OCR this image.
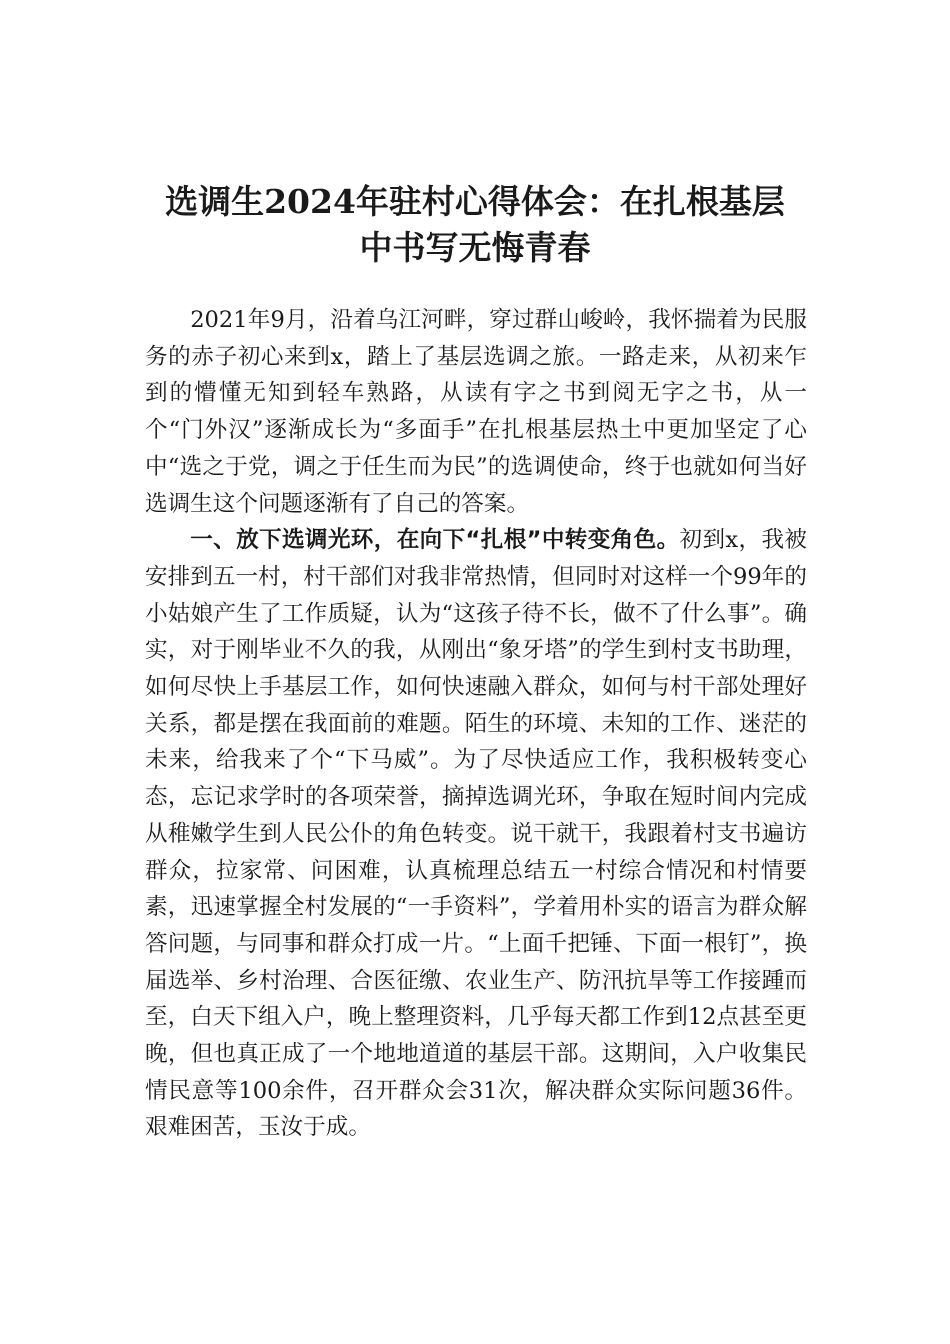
选调生2024年驻村心得体会：在扎根基层
中书写无悔青春

2021年9月，沿着乌江河畔，穿过群山峻岭，我怀揣着为民服务的赤子初心来到x，踏上了基层选调之旅。一路走来，从初来乍到的懵懂无知到轻车熟路，从读有字之书到阅无字之书，从一个“门外汉”逐渐成长为“多面手”在扎根基层热土中更加坚定了心中“选之于党，调之于任生而为民”的选调使命，终于也就如何当好选调生这个问题逐渐有了自己的答案。

一、放下选调光环，在向下“扎根”中转变角色。初到x，我被安排到五一村，村干部们对我非常热情，但同时对这样一个99年的小姑娘产生了工作质疑，认为“这孩子待不长，做不了什么事”。确实，对于刚毕业不久的我，从刚出“象牙塔”的学生到村支书助理，如何尽快上手基层工作，如何快速融入群众，如何与村干部处理好关系，都是摆在我面前的难题。陌生的环境、未知的工作、迷茫的未来，给我来了个“下马威”。为了尽快适应工作，我积极转变心态，忘记求学时的各项荣誉，摘掉选调光环，争取在短时间内完成从稚嫩学生到人民公仆的角色转变。说干就干，我跟着村支书遍访群众，拉家常、问困难，认真梳理总结五一村综合情况和村情要素，迅速掌握全村发展的“一手资料”，学着用朴实的语言为群众解答问题，与同事和群众打成一片。“上面千把锤、下面一根钉”，换届选举、乡村治理、合医征缴、农业生产、防汛抗旱等工作接踵而至，白天下组入户，晚上整理资料，几乎每天都工作到12点甚至更晚，但也真正成了一个地地道道的基层干部。这期间，入户收集民情民意等100余件，召开群众会31次，解决群众实际问题36件。艰难困苦，玉汝于成。
